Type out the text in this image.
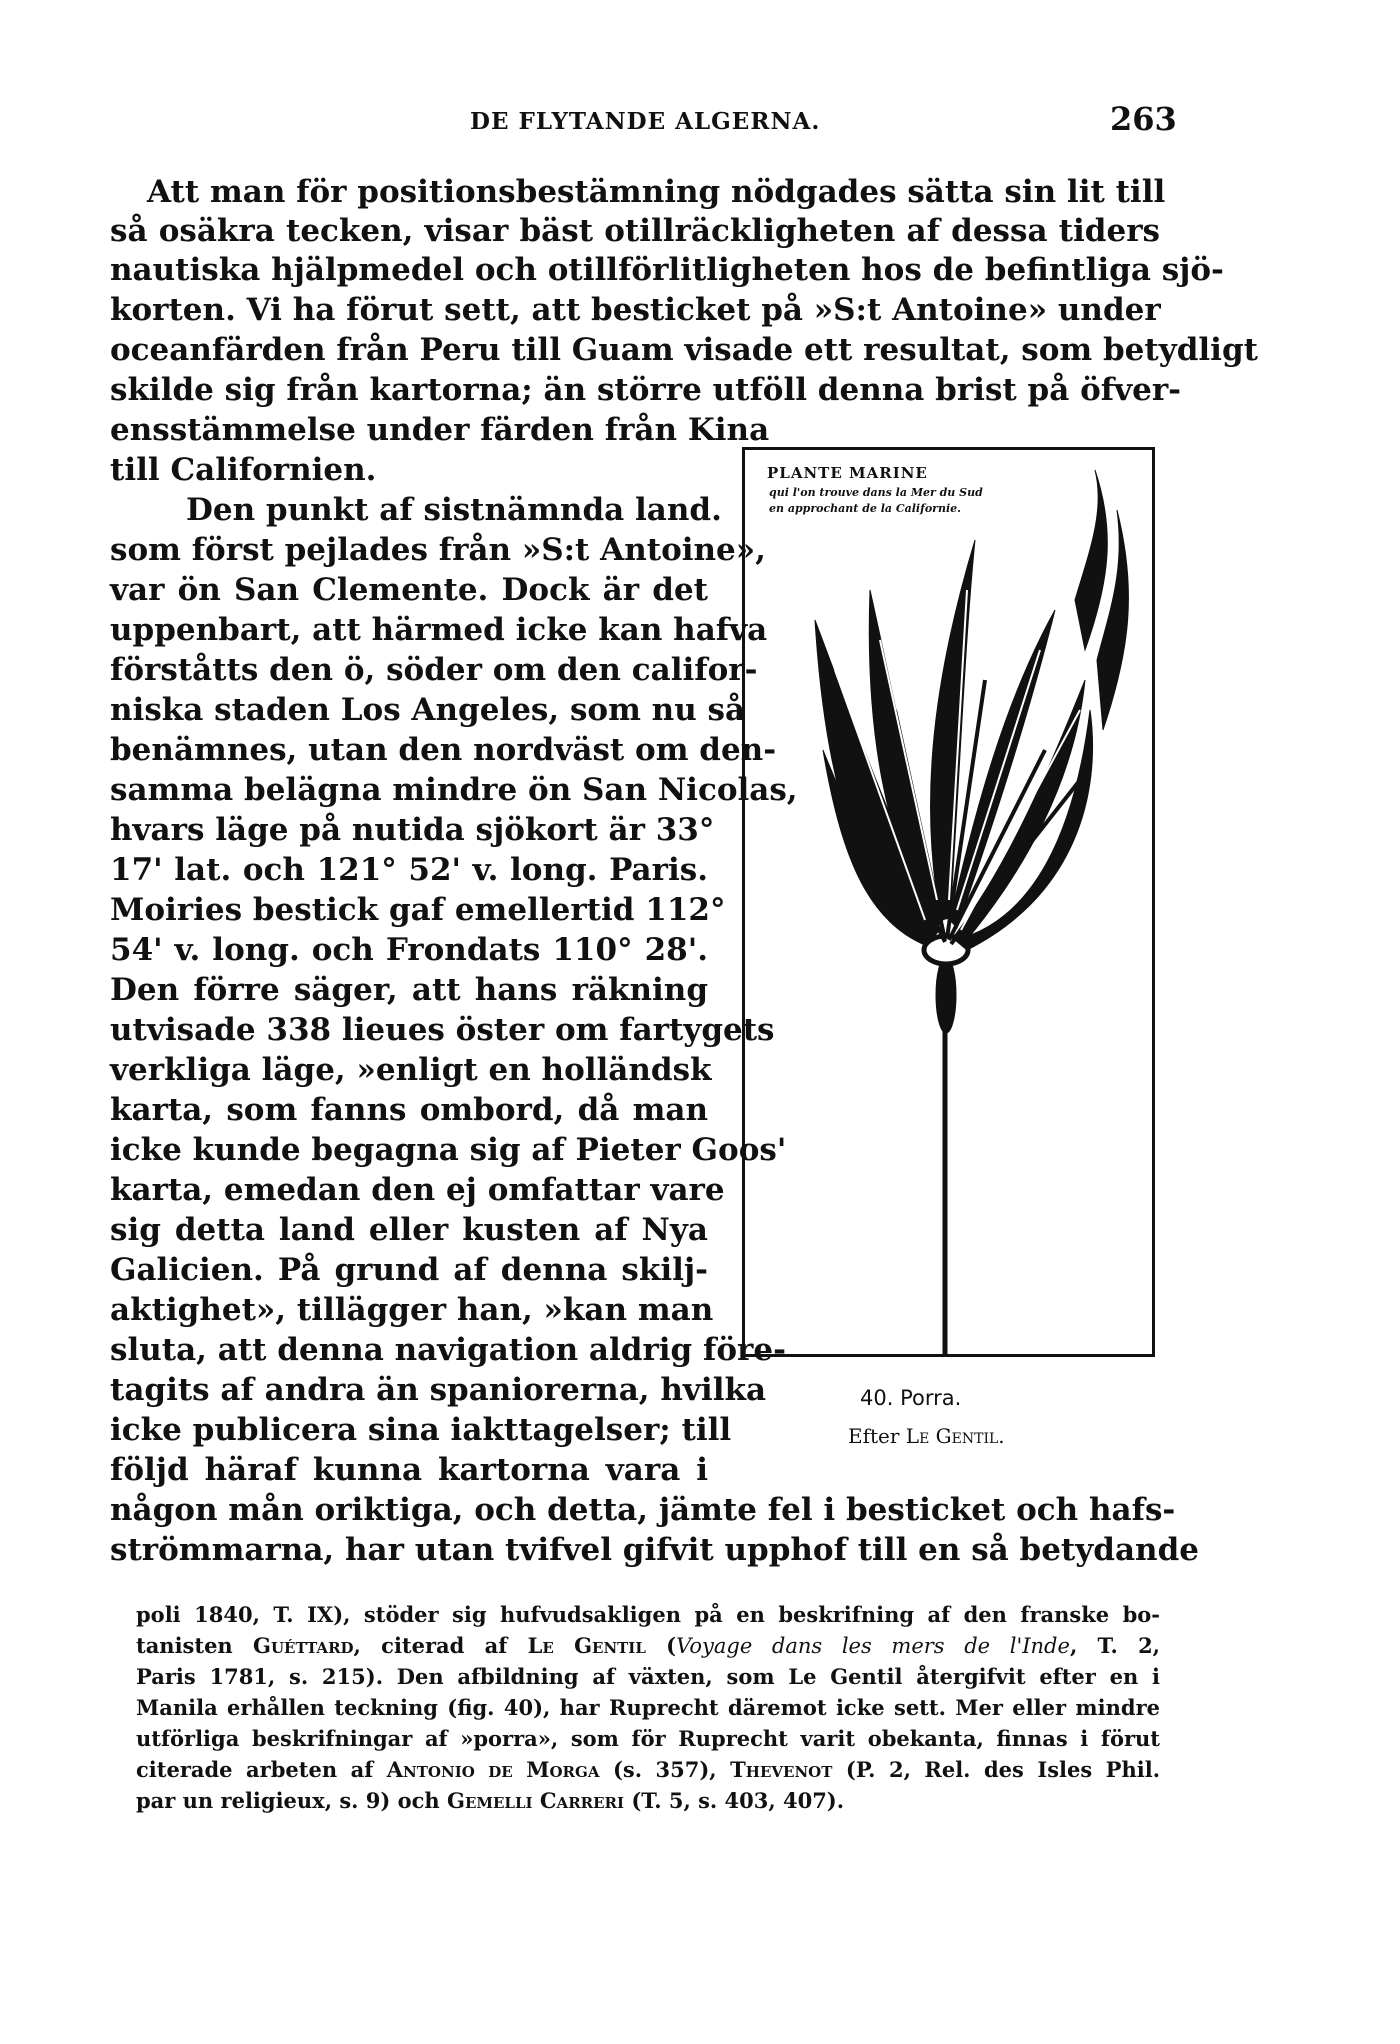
DE FLYTANDE ALGERNA.	263
Att man för positionsbestämning nödgades sätta sin lit till
så osäkra tecken, visar bäst otillräckligheten af dessa tiders
nautiska hjälpmedel och otillförlitligheten hos de befintliga sjö-
korten. Vi ha förut sett, att besticket på »S:t Antoine» under
oceanfärden från Peru till Guam visade ett resultat, som betydligt
skilde sig från kartorna; än större utföll denna brist på öfver-
ensstämmelse under färden från Kina
till Californien.
Den punkt af sistnämnda land.
som först pejlades från »S:t Antoine»,
var ön San Clemente. Dock är det
uppenbart, att härmed icke kan hafva
förståtts den ö, söder om den califor-
niska staden Los Angeles, som nu så
benämnes, utan den nordväst om den-
samma belägna mindre ön San Nicolas,
hvars läge på nutida sjökort är 33°
17' lat. och 121° 52' v. long. Paris.
Moiries bestick gaf emellertid 112°
54' v. long. och Frondats 110° 28'.
Den förre säger, att hans räkning
utvisade 338 lieues öster om fartygets
verkliga läge, »enligt en holländsk
karta, som fanns ombord, då man
icke kunde begagna sig af Pieter Goos'
karta, emedan den ej omfattar vare
sig detta land eller kusten af Nya
Galicien. På grund af denna skilj-
aktighet», tillägger han, »kan man
sluta, att denna navigation aldrig före-
tagits af andra än spaniorerna, hvilka
icke publicera sina iakttagelser; till
följd häraf kunna kartorna vara i
någon mån oriktiga, och detta, jämte fel i besticket och hafs-
strömmarna, har utan tvifvel gifvit upphof till en så betydande
PLANTE MARINE
qui l'on trouve dans la Mer du Sud
en approchant de la Californie.
40. Porra.
Efter Le Gentil.
poli 1840, T. IX), stöder sig hufvudsakligen på en beskrifning af den franske bo-
tanisten Guéttard, citerad af Le Gentil (Voyage dans les mers de l'Inde, T. 2,
Paris 1781, s. 215). Den afbildning af växten, som Le Gentil återgifvit efter en i
Manila erhållen teckning (fig. 40), har Ruprecht däremot icke sett. Mer eller mindre
utförliga beskrifningar af »porra», som för Ruprecht varit obekanta, finnas i förut
citerade arbeten af Antonio de Morga (s. 357), Thevenot (P. 2, Rel. des Isles Phil.
par un religieux, s. 9) och Gemelli Carreri (T. 5, s. 403, 407).
